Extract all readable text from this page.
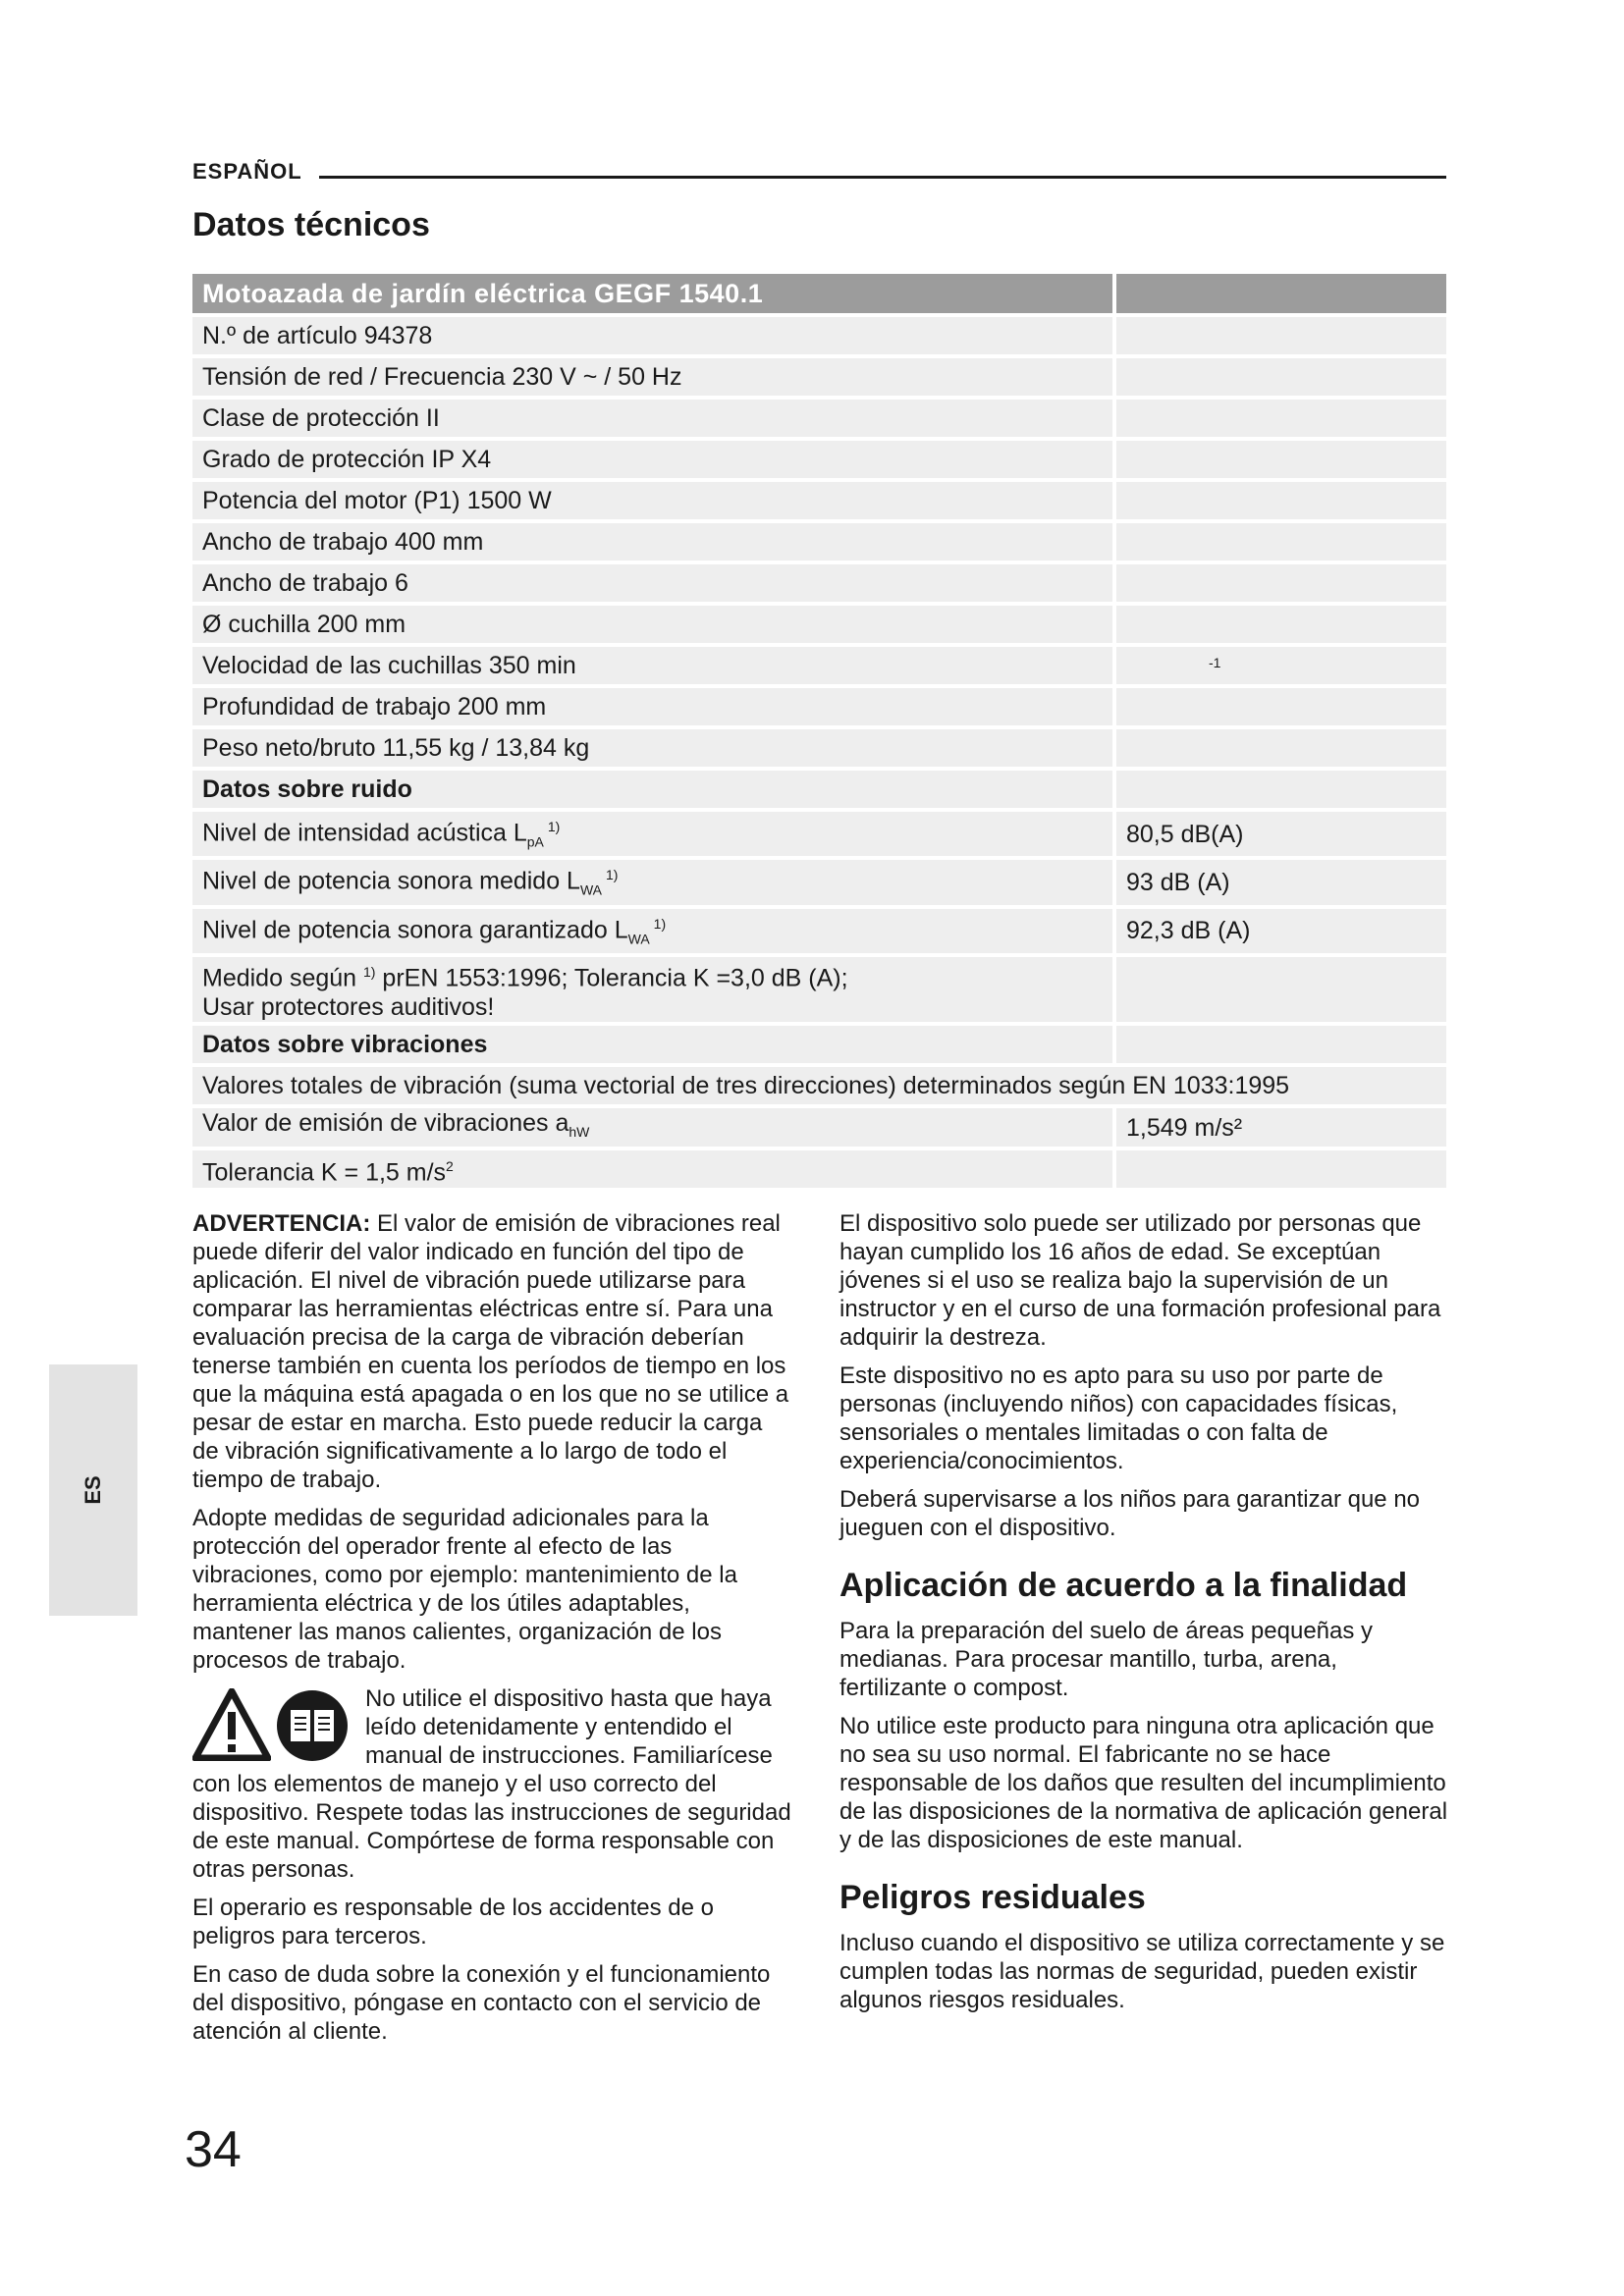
ESPAÑOL
Datos técnicos
Motoazada de jardín eléctrica GEGF 1540.1	
N.º de artículo 94378	
Tensión de red / Frecuencia 230 V ~ / 50 Hz	
Clase de protección II	
Grado de protección IP X4	
Potencia del motor (P1) 1500 W	
Ancho de trabajo 400 mm	
Ancho de trabajo 6	
Ø cuchilla 200 mm	
Velocidad de las cuchillas 350 min	$^{-1}$
Profundidad de trabajo 200 mm	
Peso neto/bruto 11,55 kg / 13,84 kg	
Datos sobre ruido	
Nivel de intensidad acústica $L_{pA}^{1)}$	80,5 dB(A)
Nivel de potencia sonora medido $L_{WA}^{1)}$	93 dB (A)
Nivel de potencia sonora garantizado $L_{WA}^{1)}$	92,3 dB (A)

Medido según $^{1)}$ prEN 1553:1996; Tolerancia K =3,0 dB (A);
Usar protectores auditivos!	

Datos sobre vibraciones	
Valores totales de vibración (suma vectorial de tres direcciones) determinados según EN 1033:1995	
Valor de emisión de vibraciones $a_{hW}$	1,549 m/s²
Tolerancia K = 1,5 $m/s^2$	
ES

ADVERTENCIA: El valor de emisión de vibraciones real puede diferir del valor indicado en función del tipo de aplicación. El nivel de vibración puede utilizarse para comparar las herramientas eléctricas entre sí. Para una evaluación precisa de la carga de vibración deberían tenerse también en cuenta los períodos de tiempo en los que la máquina está apagada o en los que no se utilice a pesar de estar en marcha. Esto puede reducir la carga de vibración significativamente a lo largo de todo el tiempo de trabajo.

Adopte medidas de seguridad adicionales para la protección del operador frente al efecto de las vibraciones, como por ejemplo: mantenimiento de la herramienta eléctrica y de los útiles adaptables, mantener las manos calientes, organización de los procesos de trabajo.

No utilice el dispositivo hasta que haya leído detenidamente y entendido el manual de instrucciones. Familiarícese con los elementos de manejo y el uso correcto del dispositivo. Respete todas las instrucciones de seguridad de este manual. Compórtese de forma responsable con otras personas.

El operario es responsable de los accidentes de o peligros para terceros.

En caso de duda sobre la conexión y el funcionamiento del dispositivo, póngase en contacto con el servicio de atención al cliente.

El dispositivo solo puede ser utilizado por personas que hayan cumplido los 16 años de edad. Se exceptúan jóvenes si el uso se realiza bajo la supervisión de un instructor y en el curso de una formación profesional para adquirir la destreza.

Este dispositivo no es apto para su uso por parte de personas (incluyendo niños) con capacidades físicas, sensoriales o mentales limitadas o con falta de experiencia/conocimientos.

Deberá supervisarse a los niños para garantizar que no jueguen con el dispositivo.

Aplicación de acuerdo a la finalidad

Para la preparación del suelo de áreas pequeñas y medianas. Para procesar mantillo, turba, arena, fertilizante o compost.

No utilice este producto para ninguna otra aplicación que no sea su uso normal. El fabricante no se hace responsable de los daños que resulten del incumplimiento de las disposiciones de la normativa de aplicación general y de las disposiciones de este manual.

Peligros residuales

Incluso cuando el dispositivo se utiliza correctamente y se cumplen todas las normas de seguridad, pueden existir algunos riesgos residuales.

34
